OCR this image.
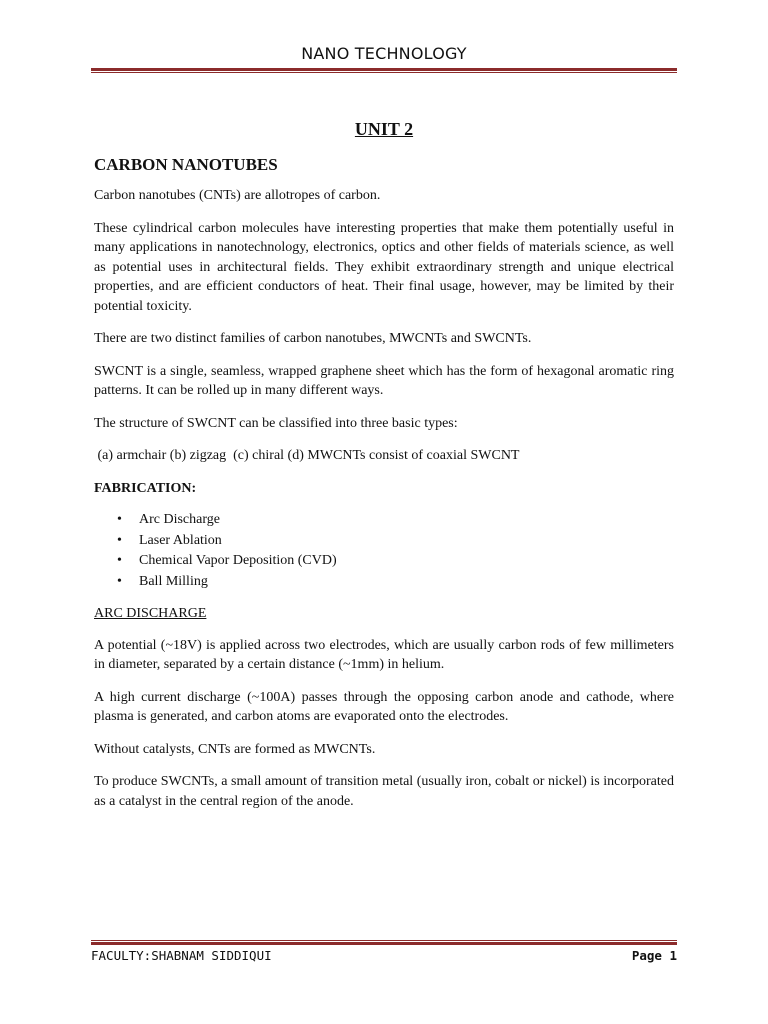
NANO TECHNOLOGY
UNIT 2
CARBON NANOTUBES

Carbon nanotubes (CNTs) are allotropes of carbon.

These cylindrical carbon molecules have interesting properties that make them potentially useful in many applications in nanotechnology, electronics, optics and other fields of materials science, as well as potential uses in architectural fields. They exhibit extraordinary strength and unique electrical properties, and are efficient conductors of heat. Their final usage, however, may be limited by their potential toxicity.

There are two distinct families of carbon nanotubes, MWCNTs and SWCNTs.

SWCNT is a single, seamless, wrapped graphene sheet which has the form of hexagonal aromatic ring patterns. It can be rolled up in many different ways.

The structure of SWCNT can be classified into three basic types:

(a) armchair (b) zigzag  (c) chiral (d) MWCNTs consist of coaxial SWCNT

FABRICATION:
• Arc Discharge
• Laser Ablation
• Chemical Vapor Deposition (CVD)
• Ball Milling
ARC DISCHARGE

A potential (~18V) is applied across two electrodes, which are usually carbon rods of few millimeters in diameter, separated by a certain distance (~1mm) in helium.

A high current discharge (~100A) passes through the opposing carbon anode and cathode, where plasma is generated, and carbon atoms are evaporated onto the electrodes.

Without catalysts, CNTs are formed as MWCNTs.

To produce SWCNTs, a small amount of transition metal (usually iron, cobalt or nickel) is incorporated as a catalyst in the central region of the anode.

FACULTY:SHABNAM SIDDIQUI	Page 1
